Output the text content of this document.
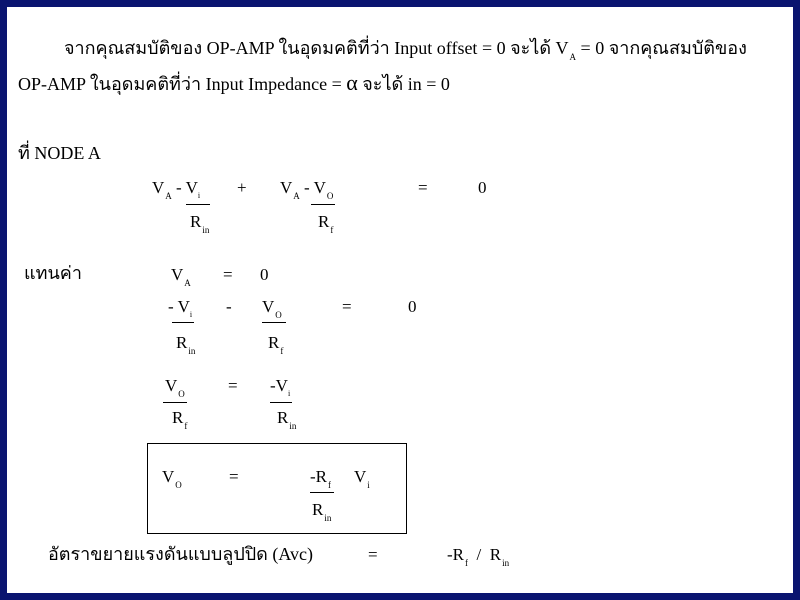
จากคุณสมบัติของ OP-AMP ในอุดมคติที่ว่า Input offset = 0 จะได้ $V_A = 0$ จากคุณสมบัติของ
OP-AMP ในอุดมคติที่ว่า Input Impedance = α จะได้ in = 0
ที่ NODE A
$V_A - V_i + V_A - V_O$	=	0
$R_{in}$	$R_f$
แทนค่า	$V_A = 0$
- $V_i - V_O$	=	0
$R_{in}$	$R_f$
$V_O$	= $-V_i$
$R_f$	$R_{in}$
$V_O$	=	$-R_f$ $V_i$
$R_{in}$
อัตราขยายแรงดันแบบลูปปิด (Avc)	=	$-R_f / R_{in}$
